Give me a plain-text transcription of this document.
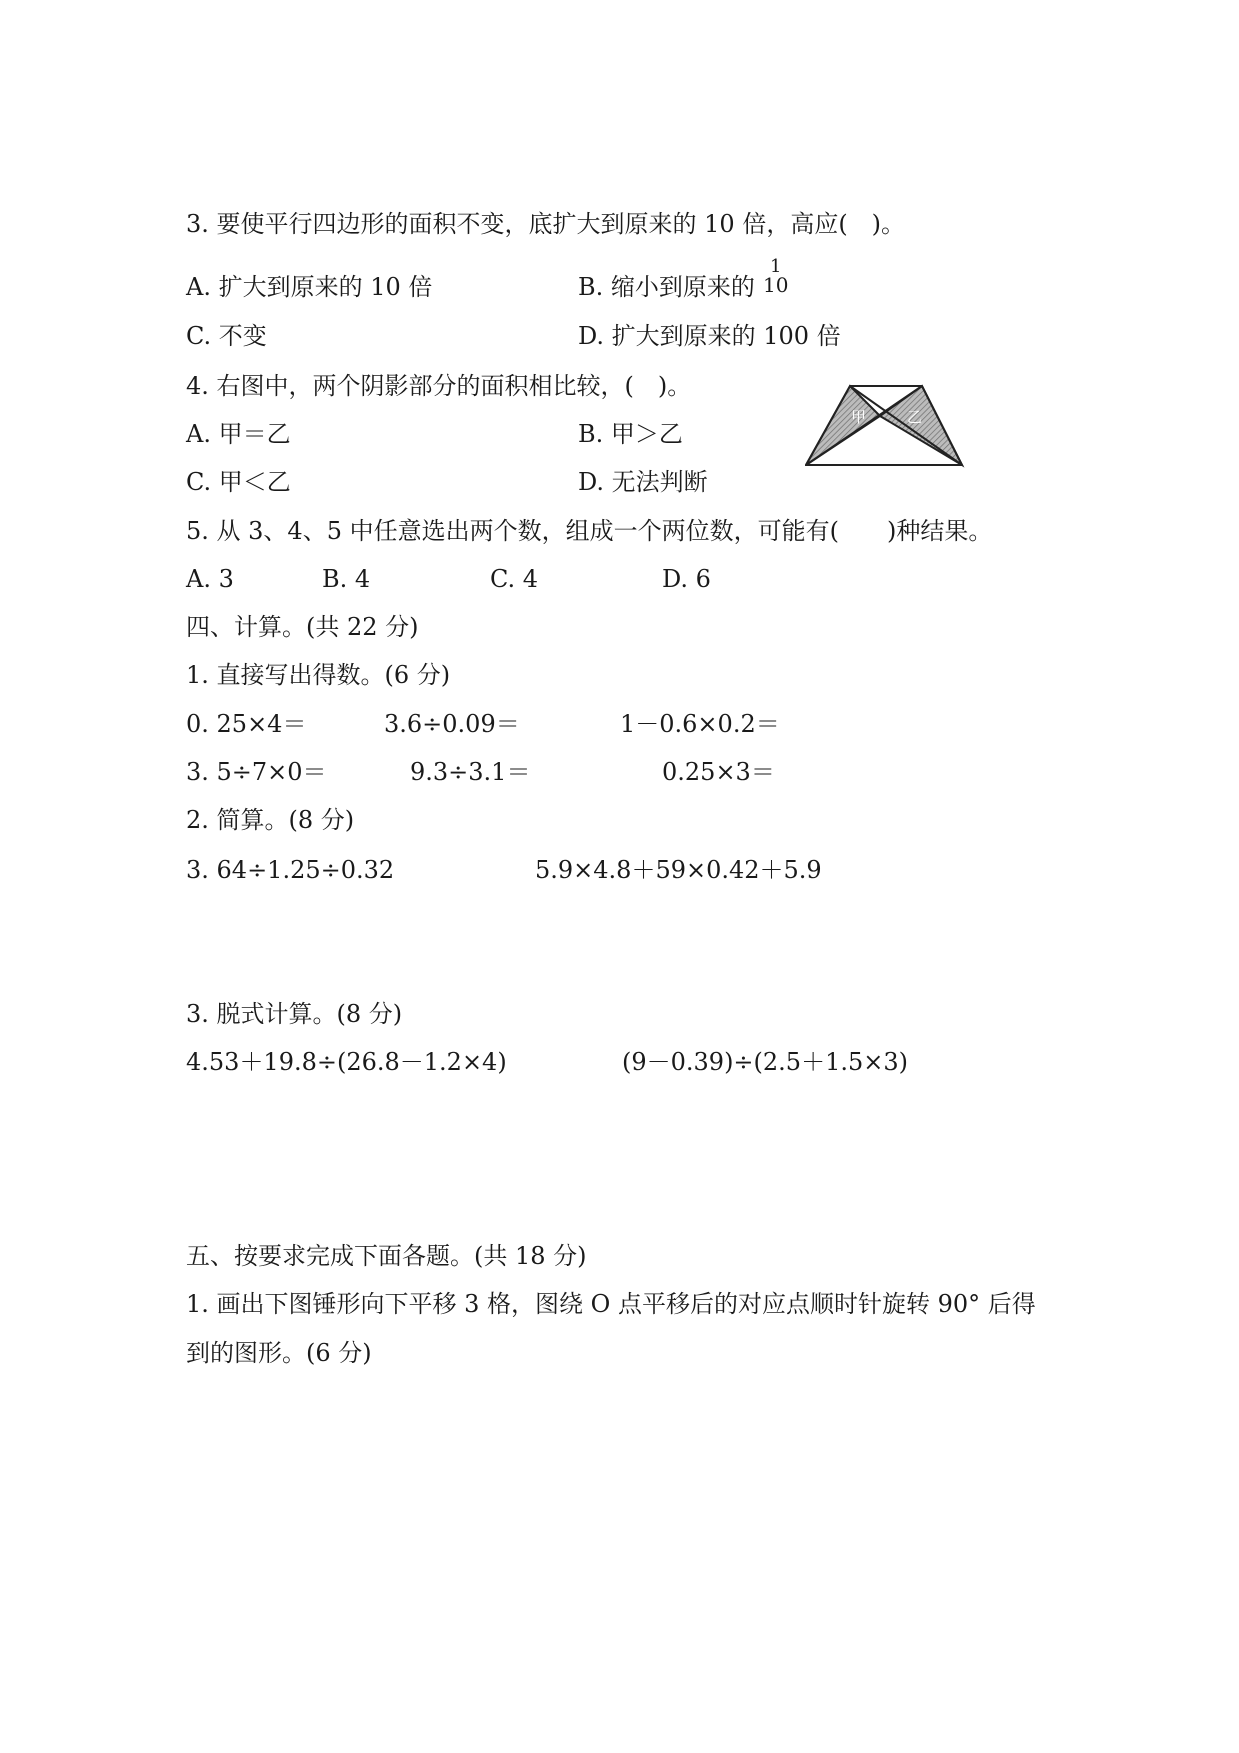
3. 要使平行四边形的面积不变，底扩大到原来的 10 倍，高应(　)。
A. 扩大到原来的 10 倍	B. 缩小到原来的
1
10
C. 不变	D. 扩大到原来的 100 倍
4. 右图中，两个阴影部分的面积相比较，(　)。
A. 甲＝乙	B. 甲＞乙
C. 甲＜乙	D. 无法判断
甲	乙
5. 从 3、4、5 中任意选出两个数，组成一个两位数，可能有(　　)种结果。
A. 3	B. 4	C. 4	D. 6
四、计算。(共 22 分)
1. 直接写出得数。(6 分)
0. 25×4＝	3.6÷0.09＝	1－0.6×0.2＝
3. 5÷7×0＝	9.3÷3.1＝	0.25×3＝
2. 简算。(8 分)
3. 64÷1.25÷0.32	5.9×4.8＋59×0.42＋5.9
3. 脱式计算。(8 分)
4.53＋19.8÷(26.8－1.2×4)	(9－0.39)÷(2.5＋1.5×3)
五、按要求完成下面各题。(共 18 分)
1. 画出下图锤形向下平移 3 格，图绕 O 点平移后的对应点顺时针旋转 90° 后得
到的图形。(6 分)
